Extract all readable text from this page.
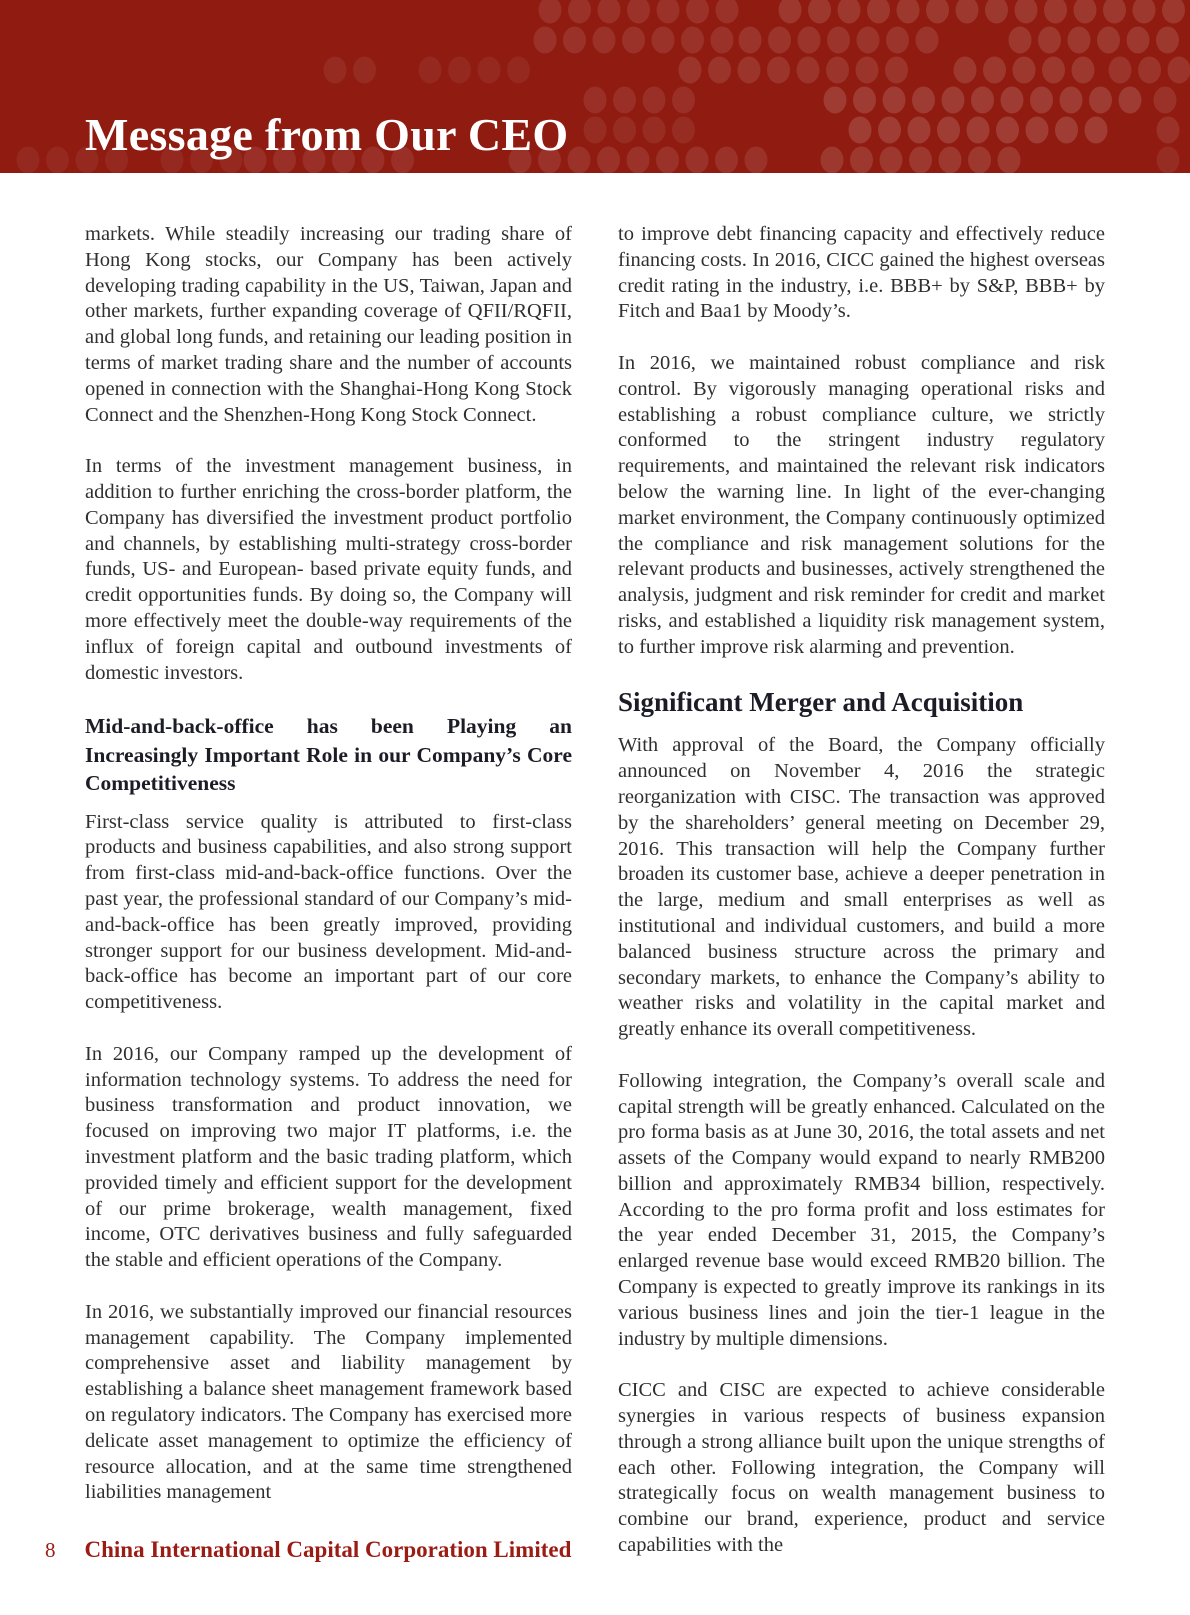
Message from Our CEO

markets. While steadily increasing our trading share of Hong Kong stocks, our Company has been actively developing trading capability in the US, Taiwan, Japan and other markets, further expanding coverage of QFII/RQFII, and global long funds, and retaining our leading position in terms of market trading share and the number of accounts opened in connection with the Shanghai-Hong Kong Stock Connect and the Shenzhen-Hong Kong Stock Connect.

In terms of the investment management business, in addition to further enriching the cross-border platform, the Company has diversified the investment product portfolio and channels, by establishing multi-strategy cross-border funds, US- and European- based private equity funds, and credit opportunities funds. By doing so, the Company will more effectively meet the double-way requirements of the influx of foreign capital and outbound investments of domestic investors.

Mid-and-back-office has been Playing an Increasingly Important Role in our Company’s Core Competitiveness

First-class service quality is attributed to first-class products and business capabilities, and also strong support from first-class mid-and-back-office functions. Over the past year, the professional standard of our Company’s mid-and-back-office has been greatly improved, providing stronger support for our business development. Mid-and-back-office has become an important part of our core competitiveness.

In 2016, our Company ramped up the development of information technology systems. To address the need for business transformation and product innovation, we focused on improving two major IT platforms, i.e. the investment platform and the basic trading platform, which provided timely and efficient support for the development of our prime brokerage, wealth management, fixed income, OTC derivatives business and fully safeguarded the stable and efficient operations of the Company.

In 2016, we substantially improved our financial resources management capability. The Company implemented comprehensive asset and liability management by establishing a balance sheet management framework based on regulatory indicators. The Company has exercised more delicate asset management to optimize the efficiency of resource allocation, and at the same time strengthened liabilities management

to improve debt financing capacity and effectively reduce financing costs. In 2016, CICC gained the highest overseas credit rating in the industry, i.e. BBB+ by S&P, BBB+ by Fitch and Baa1 by Moody’s.

In 2016, we maintained robust compliance and risk control. By vigorously managing operational risks and establishing a robust compliance culture, we strictly conformed to the stringent industry regulatory requirements, and maintained the relevant risk indicators below the warning line. In light of the ever-changing market environment, the Company continuously optimized the compliance and risk management solutions for the relevant products and businesses, actively strengthened the analysis, judgment and risk reminder for credit and market risks, and established a liquidity risk management system, to further improve risk alarming and prevention.

Significant Merger and Acquisition

With approval of the Board, the Company officially announced on November 4, 2016 the strategic reorganization with CISC. The transaction was approved by the shareholders’ general meeting on December 29, 2016. This transaction will help the Company further broaden its customer base, achieve a deeper penetration in the large, medium and small enterprises as well as institutional and individual customers, and build a more balanced business structure across the primary and secondary markets, to enhance the Company’s ability to weather risks and volatility in the capital market and greatly enhance its overall competitiveness.

Following integration, the Company’s overall scale and capital strength will be greatly enhanced. Calculated on the pro forma basis as at June 30, 2016, the total assets and net assets of the Company would expand to nearly RMB200 billion and approximately RMB34 billion, respectively. According to the pro forma profit and loss estimates for the year ended December 31, 2015, the Company’s enlarged revenue base would exceed RMB20 billion. The Company is expected to greatly improve its rankings in its various business lines and join the tier-1 league in the industry by multiple dimensions.

CICC and CISC are expected to achieve considerable synergies in various respects of business expansion through a strong alliance built upon the unique strengths of each other. Following integration, the Company will strategically focus on wealth management business to combine our brand, experience, product and service capabilities with the

8 China International Capital Corporation Limited
